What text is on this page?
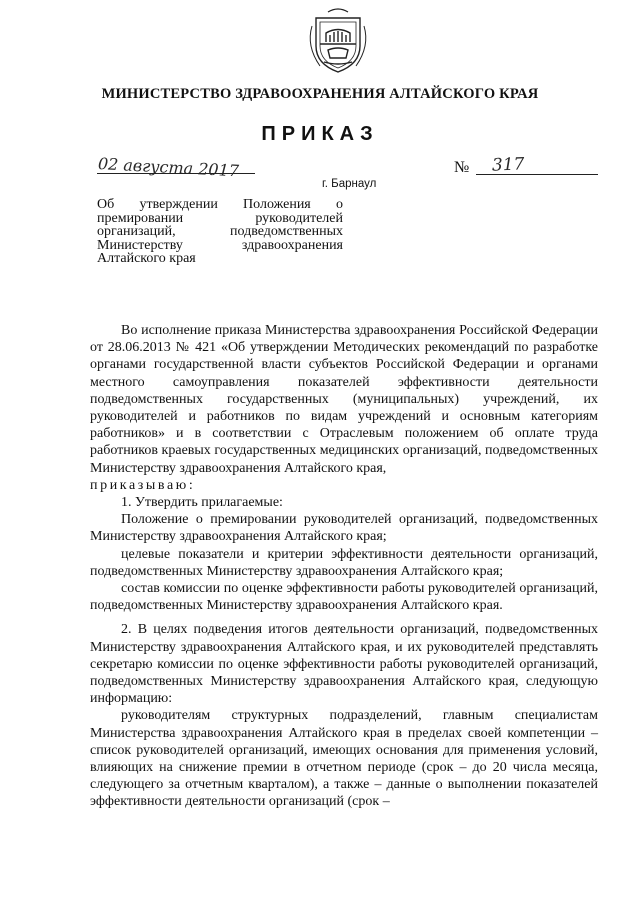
МИНИСТЕРСТВО ЗДРАВООХРАНЕНИЯ АЛТАЙСКОГО КРАЯ
ПРИКАЗ
02 августа 2017
г. Барнаул
№ 317
Об утверждении Положения о премировании руководителей организаций, подведомственных Министерству здравоохранения Алтайского края

Во исполнение приказа Министерства здравоохранения Российской Федерации от 28.06.2013 № 421 «Об утверждении Методических рекомендаций по разработке органами государственной власти субъектов Российской Федерации и органами местного самоуправления показателей эффективности деятельности подведомственных государственных (муниципальных) учреждений, их руководителей и работников по видам учреждений и основным категориям работников» и в соответствии с Отраслевым положением об оплате труда работников краевых государственных медицинских организаций, подведомственных Министерству здравоохранения Алтайского края,

приказываю:

1. Утвердить прилагаемые:

Положение о премировании руководителей организаций, подведомственных Министерству здравоохранения Алтайского края;

целевые показатели и критерии эффективности деятельности организаций, подведомственных Министерству здравоохранения Алтайского края;

состав комиссии по оценке эффективности работы руководителей организаций, подведомственных Министерству здравоохранения Алтайского края.

2. В целях подведения итогов деятельности организаций, подведомственных Министерству здравоохранения Алтайского края, и их руководителей представлять секретарю комиссии по оценке эффективности работы руководителей организаций, подведомственных Министерству здравоохранения Алтайского края, следующую информацию:

руководителям структурных подразделений, главным специалистам Министерства здравоохранения Алтайского края в пределах своей компетенции – список руководителей организаций, имеющих основания для применения условий, влияющих на снижение премии в отчетном периоде (срок – до 20 числа месяца, следующего за отчетным кварталом), а также – данные о выполнении показателей эффективности деятельности организаций (срок –
